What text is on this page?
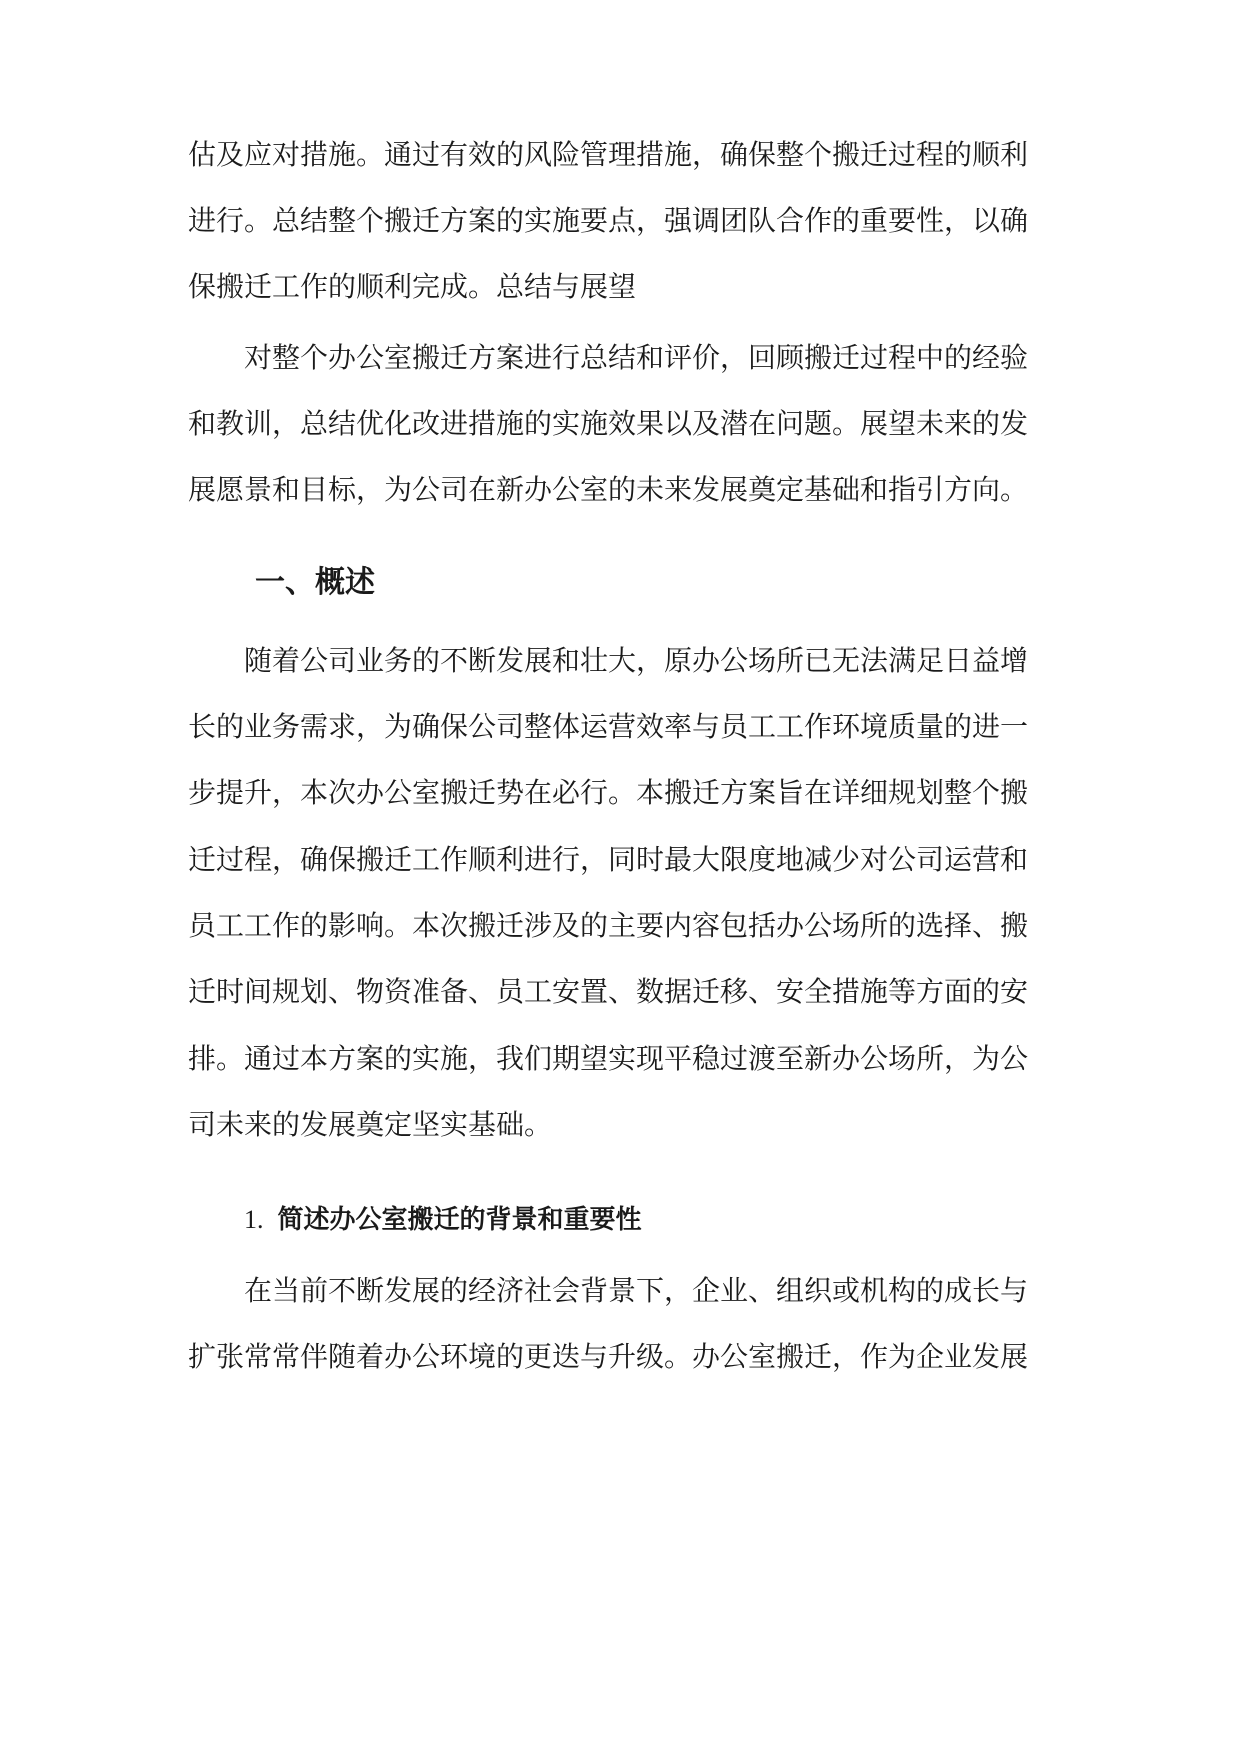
估及应对措施。通过有效的风险管理措施，确保整个搬迁过程的顺利
进行。总结整个搬迁方案的实施要点，强调团队合作的重要性，以确
保搬迁工作的顺利完成。总结与展望
对整个办公室搬迁方案进行总结和评价，回顾搬迁过程中的经验
和教训，总结优化改进措施的实施效果以及潜在问题。展望未来的发
展愿景和目标，为公司在新办公室的未来发展奠定基础和指引方向。
一、概述
随着公司业务的不断发展和壮大，原办公场所已无法满足日益增
长的业务需求，为确保公司整体运营效率与员工工作环境质量的进一
步提升，本次办公室搬迁势在必行。本搬迁方案旨在详细规划整个搬
迁过程，确保搬迁工作顺利进行，同时最大限度地减少对公司运营和
员工工作的影响。本次搬迁涉及的主要内容包括办公场所的选择、搬
迁时间规划、物资准备、员工安置、数据迁移、安全措施等方面的安
排。通过本方案的实施，我们期望实现平稳过渡至新办公场所，为公
司未来的发展奠定坚实基础。
1. 简述办公室搬迁的背景和重要性
在当前不断发展的经济社会背景下，企业、组织或机构的成长与
扩张常常伴随着办公环境的更迭与升级。办公室搬迁，作为企业发展
